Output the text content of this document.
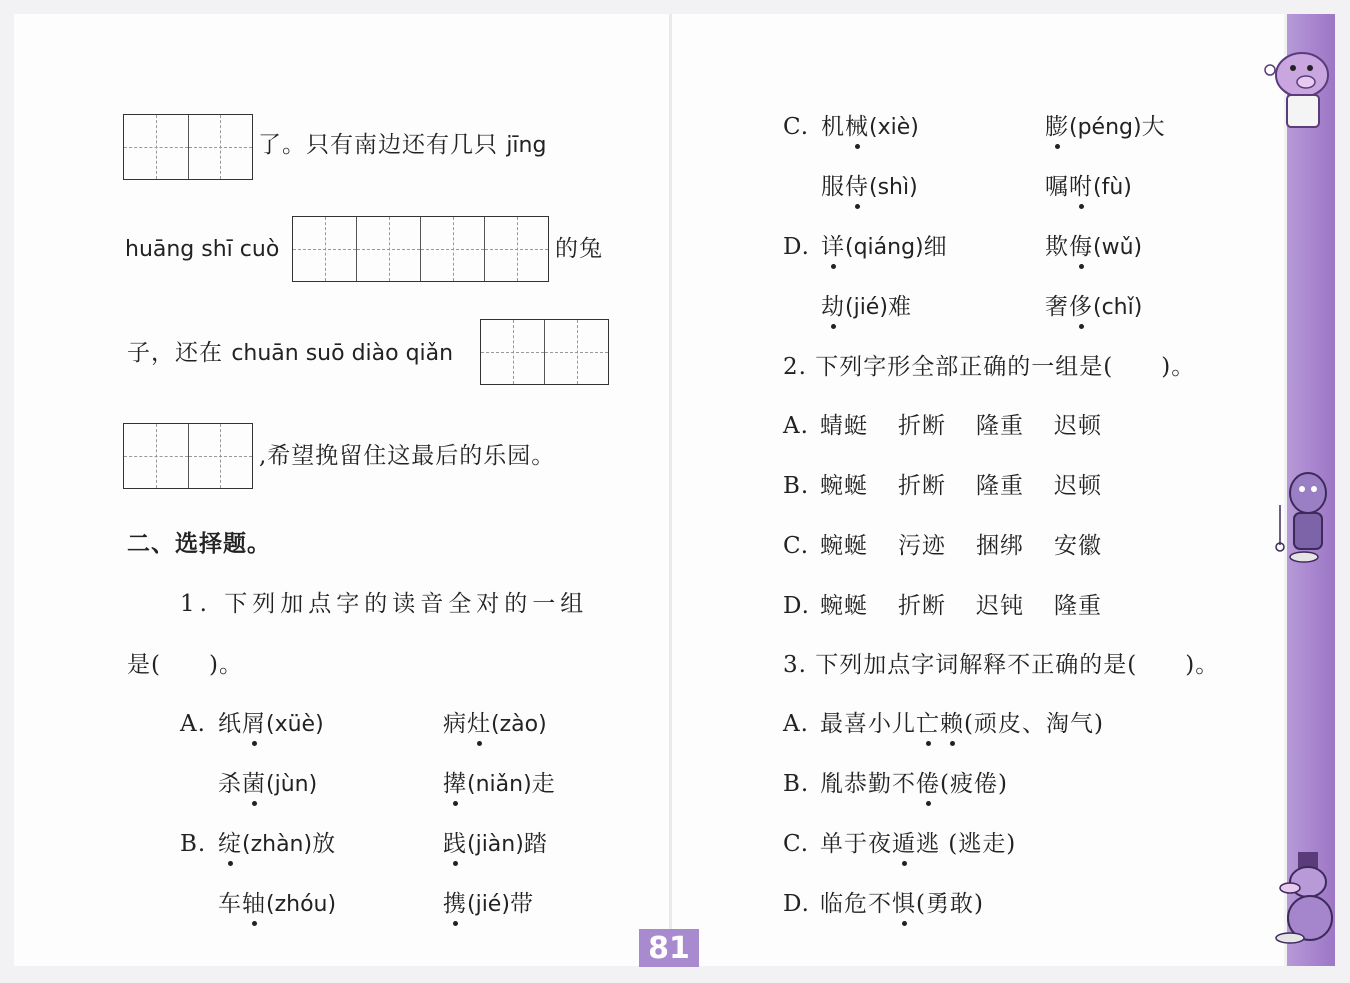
了。只有南边还有几只 jīng
huāng shī cuò	的兔
子，还在 chuān suō diào qiǎn
,希望挽留住这最后的乐园。
二、选择题。
1. 下列加点字的读音全对的一组
是(　　)。
A. 纸屑(xüè)	病灶(zào)
杀菌(jùn)	撵(niǎn)走
B. 绽(zhàn)放	践(jiàn)踏
车轴(zhóu)	携(jié)带
C. 机械(xiè)	膨(péng)大
服侍(shì)	嘱咐(fù)
D. 详(qiáng)细	欺侮(wǔ)
劫(jié)难	奢侈(chǐ)
2. 下列字形全部正确的一组是(　　)。
A. 蜻蜓 折断 隆重 迟顿
B. 蜿蜒 折断 隆重 迟顿
C. 蜿蜒 污迹 捆绑 安徽
D. 蜿蜒 折断 迟钝 隆重
3. 下列加点字词解释不正确的是(　　)。
A. 最喜小儿亡赖(顽皮、淘气)
B. 胤恭勤不倦(疲倦)
C. 单于夜遁逃 (逃走)
D. 临危不惧(勇敢)
81
